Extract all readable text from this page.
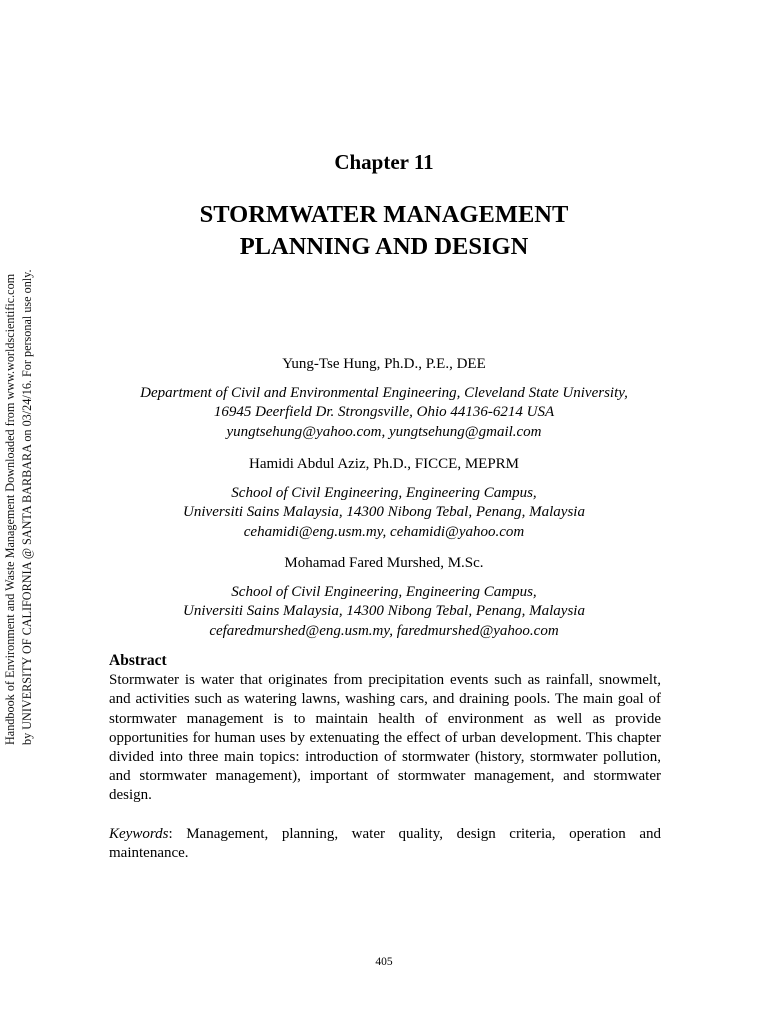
Handbook of Environment and Waste Management Downloaded from www.worldscientific.com by UNIVERSITY OF CALIFORNIA @ SANTA BARBARA on 03/24/16. For personal use only.
Chapter 11
STORMWATER MANAGEMENT
PLANNING AND DESIGN
Yung-Tse Hung, Ph.D., P.E., DEE
Department of Civil and Environmental Engineering, Cleveland State University,
16945 Deerfield Dr. Strongsville, Ohio 44136-6214 USA
yungtsehung@yahoo.com, yungtsehung@gmail.com
Hamidi Abdul Aziz, Ph.D., FICCE, MEPRM
School of Civil Engineering, Engineering Campus,
Universiti Sains Malaysia, 14300 Nibong Tebal, Penang, Malaysia
cehamidi@eng.usm.my, cehamidi@yahoo.com
Mohamad Fared Murshed, M.Sc.
School of Civil Engineering, Engineering Campus,
Universiti Sains Malaysia, 14300 Nibong Tebal, Penang, Malaysia
cefaredmurshed@eng.usm.my, faredmurshed@yahoo.com
Abstract

Stormwater is water that originates from precipitation events such as rainfall, snowmelt, and activities such as watering lawns, washing cars, and draining pools. The main goal of stormwater management is to maintain health of environment as well as provide opportunities for human uses by extenuating the effect of urban development. This chapter divided into three main topics: introduction of stormwater (history, stormwater pollution, and stormwater management), important of stormwater management, and stormwater design.

Keywords: Management, planning, water quality, design criteria, operation and maintenance.

405
